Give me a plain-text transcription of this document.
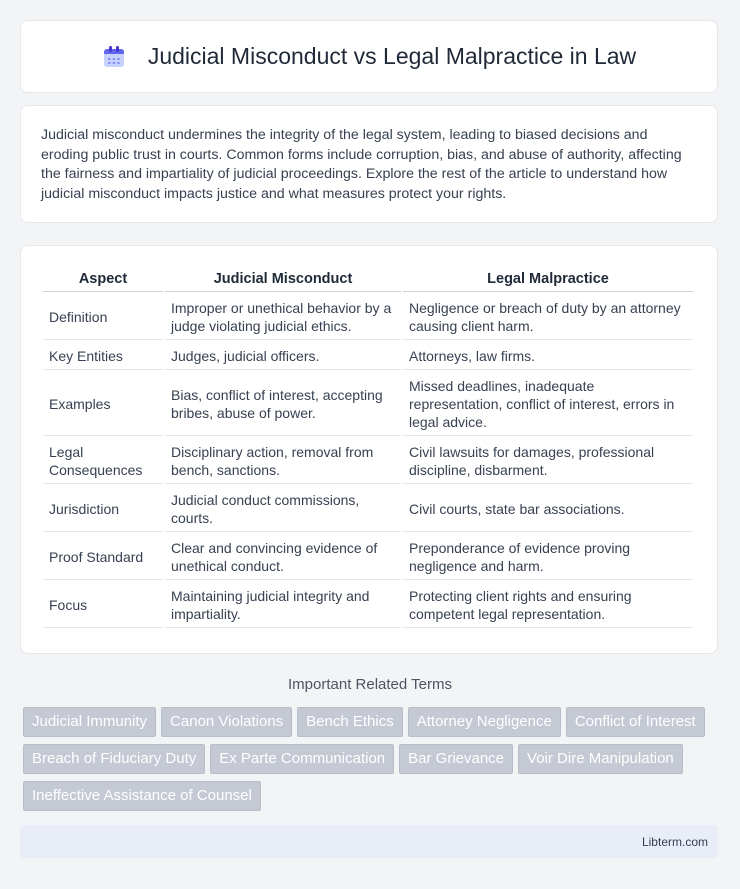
Judicial Misconduct vs Legal Malpractice in Law

Judicial misconduct undermines the integrity of the legal system, leading to biased decisions and eroding public trust in courts. Common forms include corruption, bias, and abuse of authority, affecting the fairness and impartiality of judicial proceedings. Explore the rest of the article to understand how judicial misconduct impacts justice and what measures protect your rights.

Aspect	Judicial Misconduct	Legal Malpractice
Definition	Improper or unethical behavior by a judge violating judicial ethics.	Negligence or breach of duty by an attorney causing client harm.
Key Entities	Judges, judicial officers.	Attorneys, law firms.
Examples	Bias, conflict of interest, accepting bribes, abuse of power.	Missed deadlines, inadequate representation, conflict of interest, errors in legal advice.
Legal Consequences	Disciplinary action, removal from bench, sanctions.	Civil lawsuits for damages, professional discipline, disbarment.
Jurisdiction	Judicial conduct commissions, courts.	Civil courts, state bar associations.
Proof Standard	Clear and convincing evidence of unethical conduct.	Preponderance of evidence proving negligence and harm.
Focus	Maintaining judicial integrity and impartiality.	Protecting client rights and ensuring competent legal representation.
Important Related Terms
Judicial Immunity Canon Violations Bench Ethics Attorney Negligence Conflict of InterestBreach of Fiduciary Duty Ex Parte Communication Bar Grievance Voir Dire ManipulationIneffective Assistance of Counsel
Libterm.com
